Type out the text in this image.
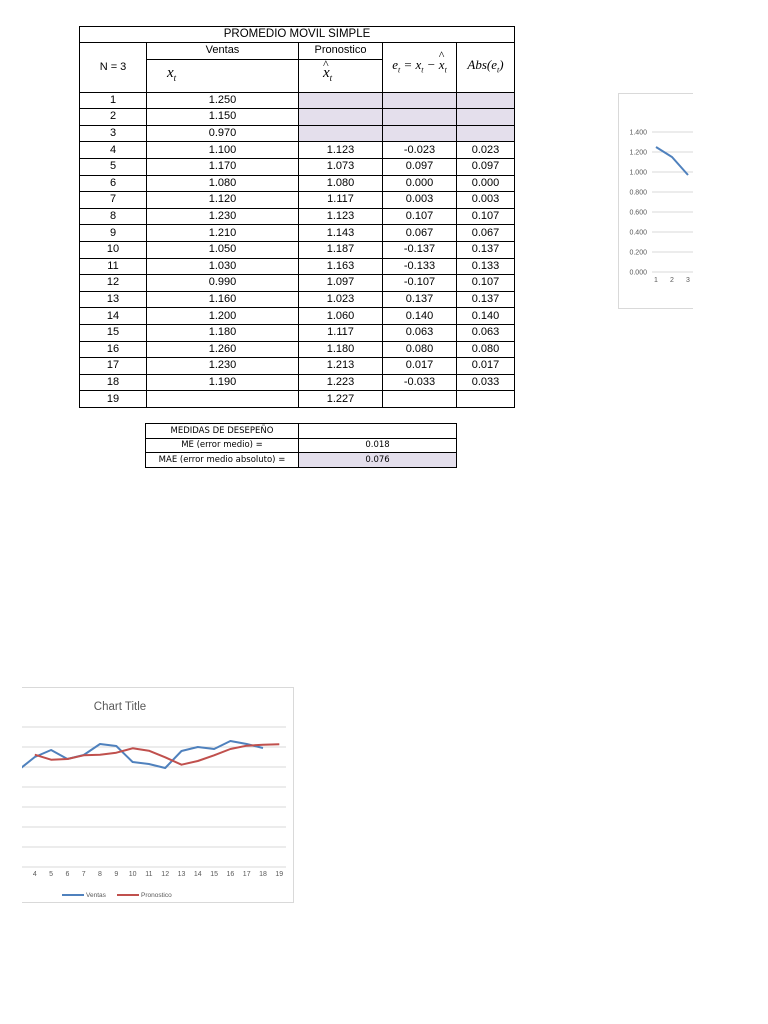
PROMEDIO MOVIL SIMPLE				
N = 3	Ventas	Pronostico	$e_t = x_t$ − ^ $x_t$	$Abs(e_t)$
	$x_t$	^ $x_t$
1	1.250			
2	1.150			
3	0.970			
4	1.100	1.123	-0.023	0.023
5	1.170	1.073	0.097	0.097
6	1.080	1.080	0.000	0.000
7	1.120	1.117	0.003	0.003
8	1.230	1.123	0.107	0.107
9	1.210	1.143	0.067	0.067
10	1.050	1.187	-0.137	0.137
11	1.030	1.163	-0.133	0.133
12	0.990	1.097	-0.107	0.107
13	1.160	1.023	0.137	0.137
14	1.200	1.060	0.140	0.140
15	1.180	1.117	0.063	0.063
16	1.260	1.180	0.080	0.080
17	1.230	1.213	0.017	0.017
18	1.190	1.223	-0.033	0.033
19		1.227		
MEDIDAS DE DESEPEÑO	
ME (error medio) =	0.018
MAE (error medio absoluto) =	0.076
0.000
0.200
0.400
0.600
0.800
1.000
1.200
1.400
1 2 3
Chart Title
4 5 6 7 8 9 10 11 12 13 14 15 16 17 18 19
Ventas	Pronostico
